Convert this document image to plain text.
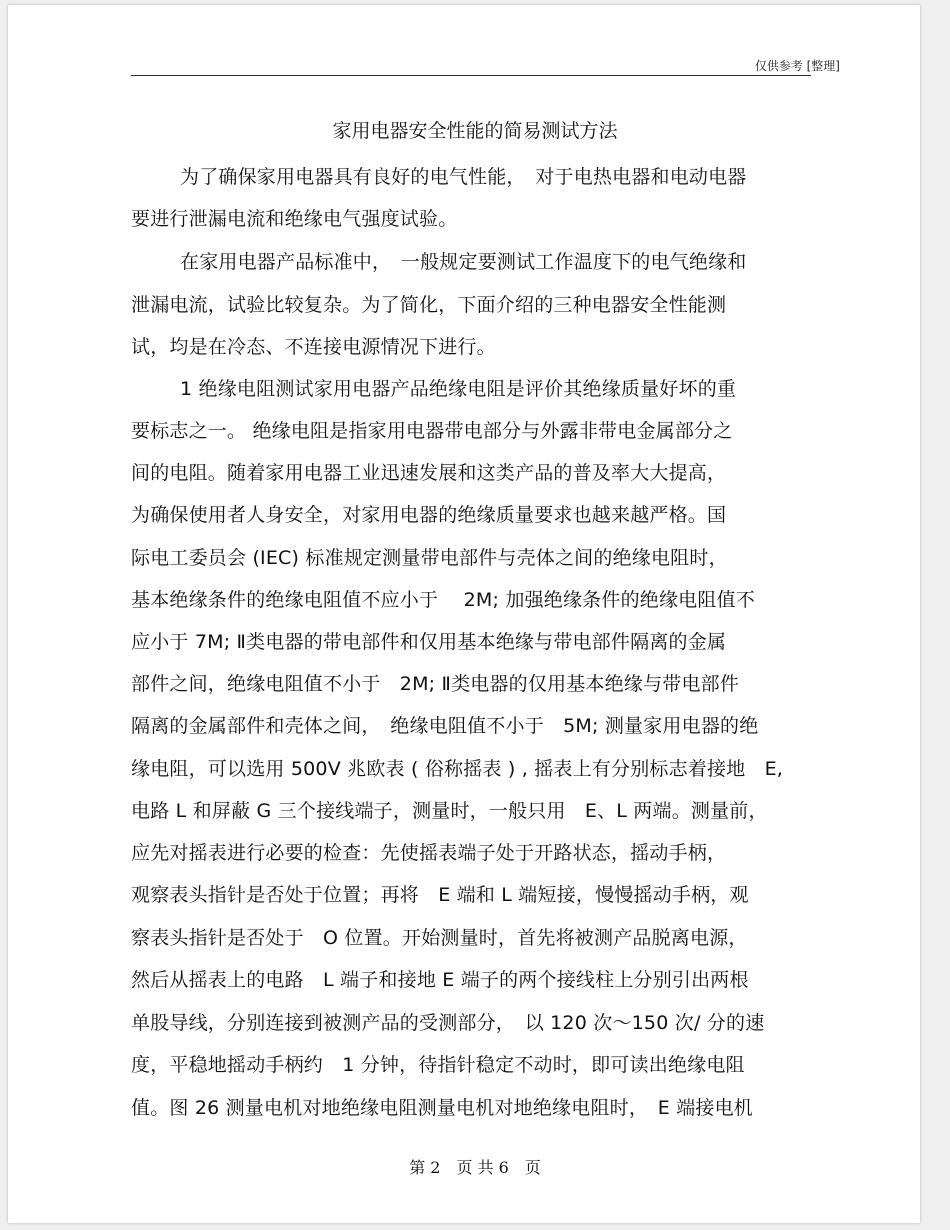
仅供参考 [整理]
家用电器安全性能的简易测试方法
为了确保家用电器具有良好的电气性能，　对于电热电器和电动电器
要进行泄漏电流和绝缘电气强度试验。
在家用电器产品标准中，　一般规定要测试工作温度下的电气绝缘和
泄漏电流，试验比较复杂。为了简化，下面介绍的三种电器安全性能测
试，均是在冷态、不连接电源情况下进行。
1 绝缘电阻测试家用电器产品绝缘电阻是评价其绝缘质量好坏的重
要标志之一。 绝缘电阻是指家用电器带电部分与外露非带电金属部分之
间的电阻。随着家用电器工业迅速发展和这类产品的普及率大大提高，
为确保使用者人身安全，对家用电器的绝缘质量要求也越来越严格。国
际电工委员会 (IEC) 标准规定测量带电部件与壳体之间的绝缘电阻时，
基本绝缘条件的绝缘电阻值不应小于　 2M; 加强绝缘条件的绝缘电阻值不
应小于 7M; Ⅱ类电器的带电部件和仅用基本绝缘与带电部件隔离的金属
部件之间，绝缘电阻值不小于　2M; Ⅱ类电器的仅用基本绝缘与带电部件
隔离的金属部件和壳体之间，　绝缘电阻值不小于　5M; 测量家用电器的绝
缘电阻，可以选用 500V 兆欧表 ( 俗称摇表 ) , 摇表上有分别标志着接地　E,
电路 L 和屏蔽 G 三个接线端子，测量时，一般只用　E、L 两端。测量前，
应先对摇表进行必要的检查：先使摇表端子处于开路状态，摇动手柄，
观察表头指针是否处于位置；再将　E 端和 L 端短接，慢慢摇动手柄，观
察表头指针是否处于　O 位置。开始测量时，首先将被测产品脱离电源，
然后从摇表上的电路　L 端子和接地 E 端子的两个接线柱上分别引出两根
单股导线，分别连接到被测产品的受测部分，　以 120 次～150 次/ 分的速
度，平稳地摇动手柄约　1 分钟，待指针稳定不动时，即可读出绝缘电阻
值。图 26 测量电机对地绝缘电阻测量电机对地绝缘电阻时，　E 端接电机
第 2　页 共 6　页
